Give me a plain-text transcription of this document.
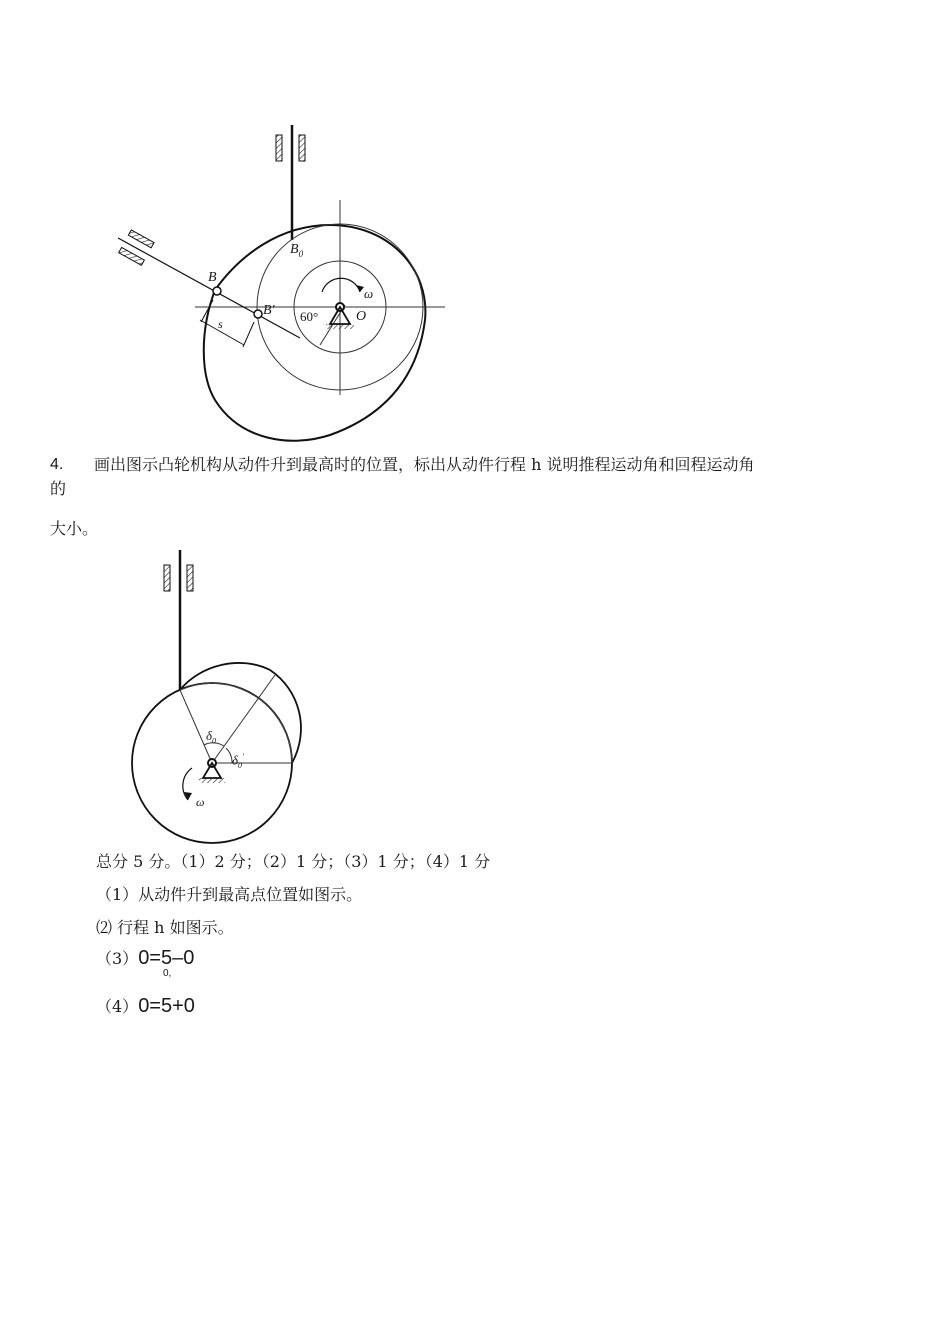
$B_0$
B
B' 60°	O
ω
s
4. 画出图示凸轮机构从动件升到最高时的位置，标出从动件行程 h 说明推程运动角和回程运动角
的
大小。
$\delta_0$
$\delta_0'$
ω
总分 5 分。（1）2 分；（2）1 分；（3）1 分；（4）1 分
（1）从动件升到最高点位置如图示。
⑵ 行程 h 如图示。
（3）0=5–0
0,
（4）0=5+0
